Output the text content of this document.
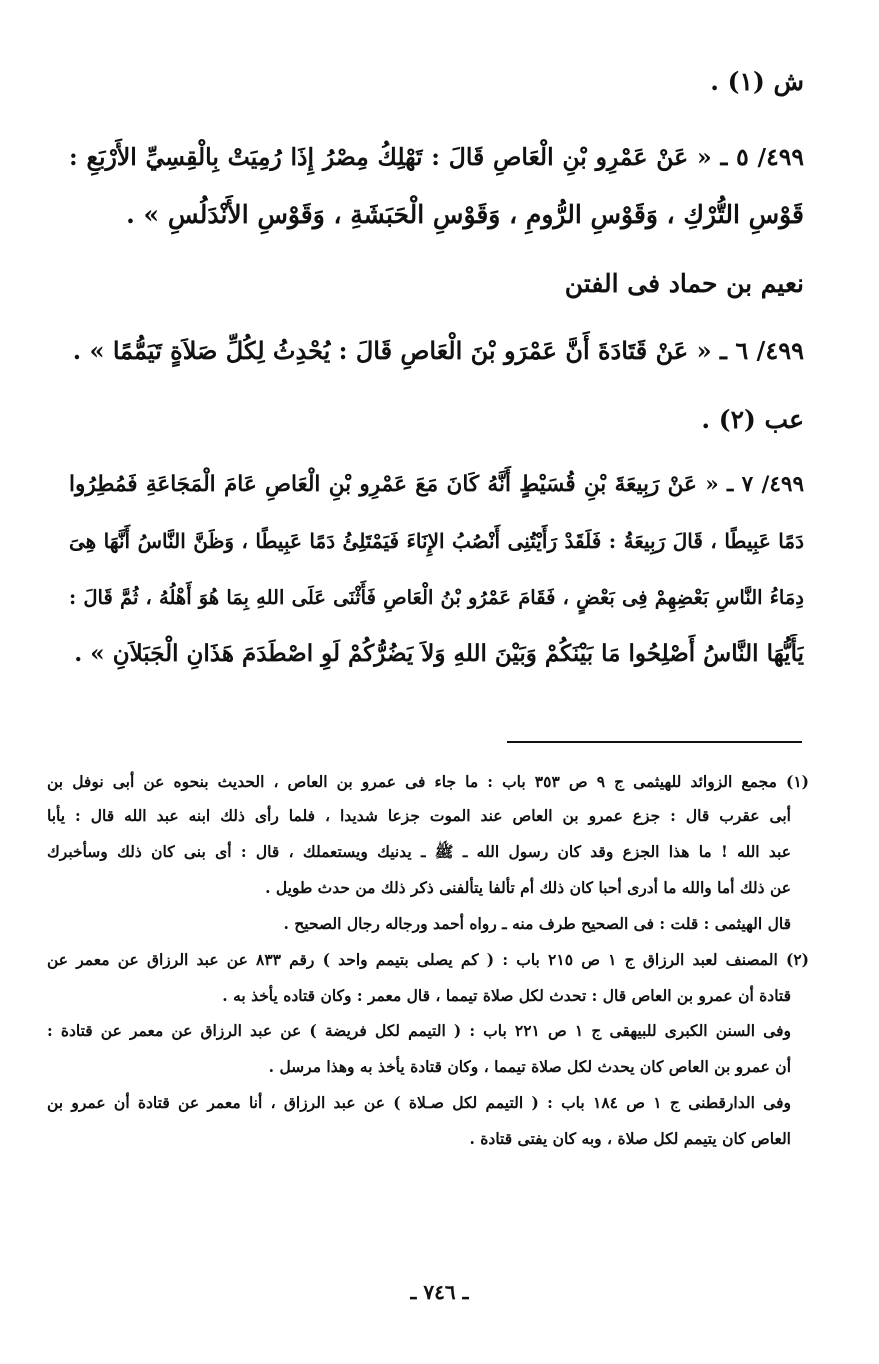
ش (١) .
٤٩٩/ ٥ ـ « عَنْ عَمْرِو بْنِ الْعَاصِ قَالَ : تَهْلِكُ مِصْرُ إِذَا رُمِيَتْ بِالْقِسِيِّ الأَرْبَعِ :
قَوْسِ التُّرْكِ ، وَقَوْسِ الرُّومِ ، وَقَوْسِ الْحَبَشَةِ ، وَقَوْسِ الأَنْدَلُسِ » .
نعيم بن حماد فى الفتن
٤٩٩/ ٦ ـ « عَنْ قَتَادَةَ أَنَّ عَمْرَو بْنَ الْعَاصِ قَالَ : يُحْدِثُ لِكُلِّ صَلاَةٍ تَيَمُّمًا » .
عب (٢) .
٤٩٩/ ٧ ـ « عَنْ رَبِيعَةَ بْنِ قُسَيْطٍ أَنَّهُ كَانَ مَعَ عَمْرِو بْنِ الْعَاصِ عَامَ الْمَجَاعَةِ فَمُطِرُوا
دَمًا عَبِيطًا ، قَالَ رَبِيعَةُ : فَلَقَدْ رَأَيْتُنِى أَنْصُبُ الإِنَاءَ فَيَمْتَلِئُ دَمًا عَبِيطًا ، وَظَنَّ النَّاسُ أَنَّهَا هِىَ
دِمَاءُ النَّاسِ بَعْضِهِمْ فِى بَعْضٍ ، فَقَامَ عَمْرُو بْنُ الْعَاصِ فَأَثْنَى عَلَى اللهِ بِمَا هُوَ أَهْلُهُ ، ثُمَّ قَالَ :
يَأَيُّهَا النَّاسُ أَصْلِحُوا مَا بَيْنَكُمْ وَبَيْنَ اللهِ وَلاَ يَضُرُّكُمْ لَوِ اصْطَدَمَ هَذَانِ الْجَبَلاَنِ » .
(١) مجمع الزوائد للهيثمى ج ٩ ص ٣٥٣ باب : ما جاء فى عمرو بن العاص ، الحديث بنحوه عن أبى نوفل بن
أبى عقرب قال : جزع عمرو بن العاص عند الموت جزعا شديدا ، فلما رأى ذلك ابنه عبد الله قال : يأبا
عبد الله ! ما هذا الجزع وقد كان رسول الله ـ ﷺ ـ يدنيك ويستعملك ، قال : أى بنى كان ذلك وسأخبرك
عن ذلك أما والله ما أدرى أحبا كان ذلك أم تألفا يتألفنى ذكر ذلك من حدث طويل .
قال الهيثمى : قلت : فى الصحيح طرف منه ـ رواه أحمد ورجاله رجال الصحيح .
(٢) المصنف لعبد الرزاق ج ١ ص ٢١٥ باب : ( كم يصلى بتيمم واحد ) رقم ٨٣٣ عن عبد الرزاق عن معمر عن
قتادة أن عمرو بن العاص قال : تحدث لكل صلاة تيمما ، قال معمر : وكان قتاده يأخذ به .
وفى السنن الكبرى للبيهقى ج ١ ص ٢٢١ باب : ( التيمم لكل فريضة ) عن عبد الرزاق عن معمر عن قتادة :
أن عمرو بن العاص كان يحدث لكل صلاة تيمما ، وكان قتادة يأخذ به وهذا مرسل .
وفى الدارقطنى ج ١ ص ١٨٤ باب : ( التيمم لكل صـلاة ) عن عبد الرزاق ، أنا معمر عن قتادة أن عمرو بن
العاص كان يتيمم لكل صلاة ، وبه كان يفتى قتادة .
ـ ٧٤٦ ـ
